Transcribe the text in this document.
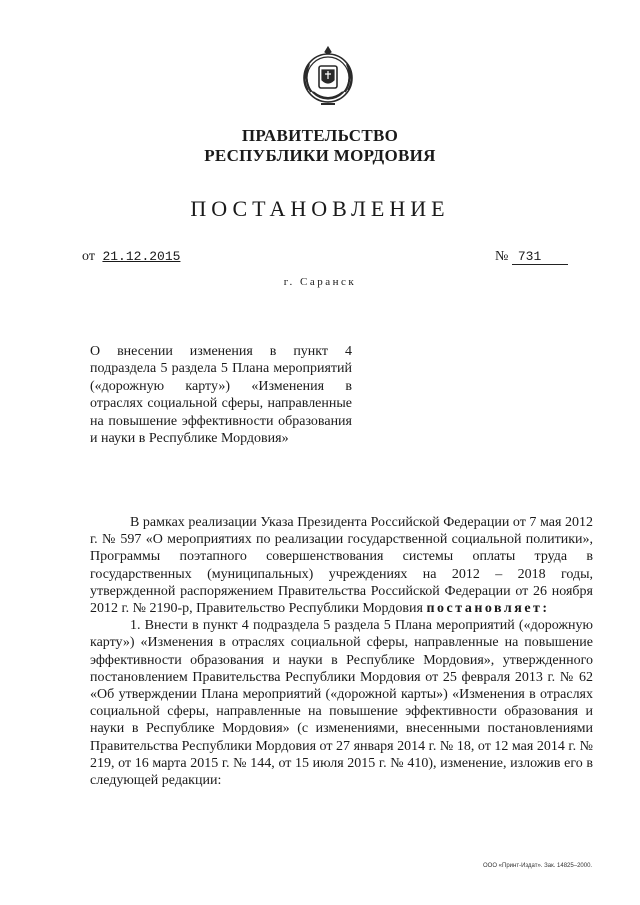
ПРАВИТЕЛЬСТВО
РЕСПУБЛИКИ МОРДОВИЯ
ПОСТАНОВЛЕНИЕ
от 21.12.2015	№ 731
г. Саранск
О внесении изменения в пункт 4 подраздела 5 раздела 5 Плана мероприятий («дорожную карту») «Изменения в отраслях социальной сферы, направленные на повышение эффективности образования и науки в Республике Мордовия»

В рамках реализации Указа Президента Российской Федерации от 7 мая 2012 г. № 597 «О мероприятиях по реализации государственной социальной политики», Программы поэтапного совершенствования системы оплаты труда в государственных (муниципальных) учреждениях на 2012 – 2018 годы, утвержденной распоряжением Правительства Российской Федерации от 26 ноября 2012 г. № 2190-р, Правительство Республики Мордовия постановляет:

1. Внести в пункт 4 подраздела 5 раздела 5 Плана мероприятий («дорожную карту») «Изменения в отраслях социальной сферы, направленные на повышение эффективности образования и науки в Республике Мордовия», утвержденного постановлением Правительства Республики Мордовия от 25 февраля 2013 г. № 62 «Об утверждении Плана мероприятий («дорожной карты») «Изменения в отраслях социальной сферы, направленные на повышение эффективности образования и науки в Республике Мордовия» (с изменениями, внесенными постановлениями Правительства Республики Мордовия от 27 января 2014 г. № 18, от 12 мая 2014 г. № 219, от 16 марта 2015 г. № 144, от 15 июля 2015 г. № 410), изменение, изложив его в следующей редакции:

ООО «Принт-Издат». Зак. 14825–2000.
